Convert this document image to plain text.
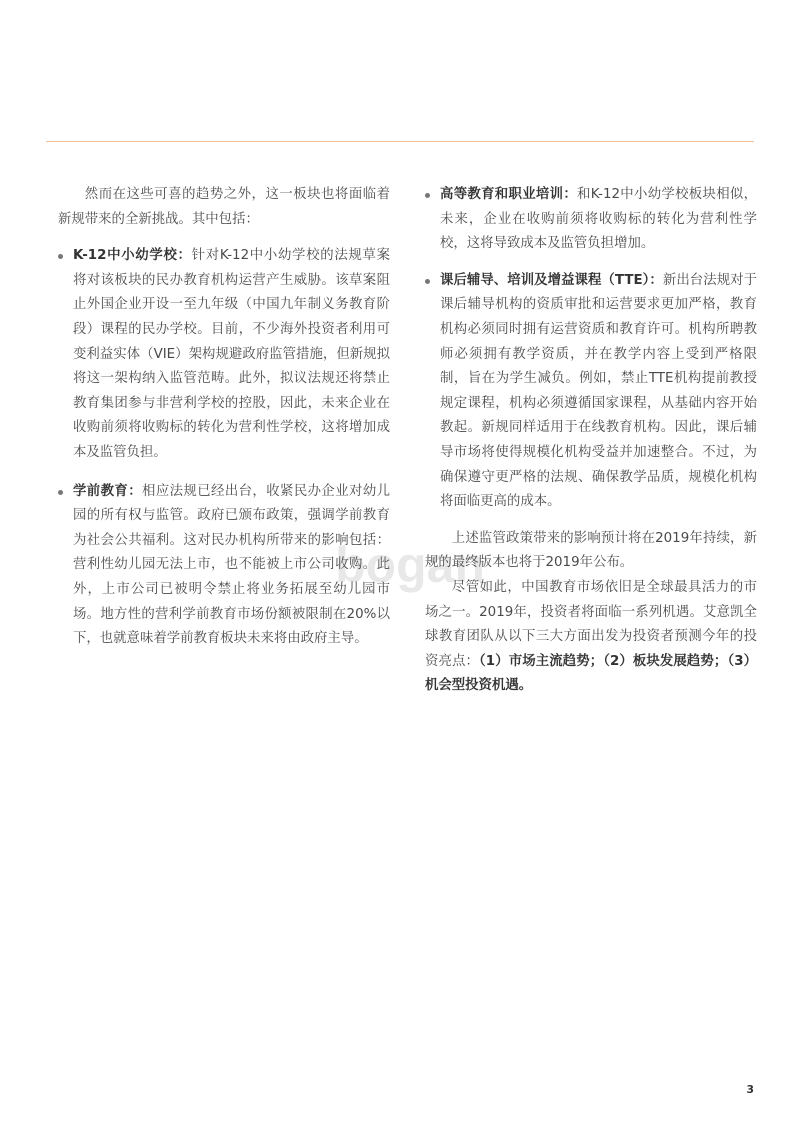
然而在这些可喜的趋势之外，这一板块也将面临着新规带来的全新挑战。其中包括：

K-12中小幼学校：针对K-12中小幼学校的法规草案将对该板块的民办教育机构运营产生威胁。该草案阻止外国企业开设一至九年级（中国九年制义务教育阶段）课程的民办学校。目前，不少海外投资者利用可变利益实体（VIE）架构规避政府监管措施，但新规拟将这一架构纳入监管范畴。此外，拟议法规还将禁止教育集团参与非营利学校的控股，因此，未来企业在收购前须将收购标的转化为营利性学校，这将增加成本及监管负担。
学前教育：相应法规已经出台，收紧民办企业对幼儿园的所有权与监管。政府已颁布政策，强调学前教育为社会公共福利。这对民办机构所带来的影响包括：营利性幼儿园无法上市，也不能被上市公司收购。此外，上市公司已被明令禁止将业务拓展至幼儿园市场。地方性的营利学前教育市场份额被限制在20%以下，也就意味着学前教育板块未来将由政府主导。
高等教育和职业培训：和K-12中小幼学校板块相似，未来，企业在收购前须将收购标的转化为营利性学校，这将导致成本及监管负担增加。
课后辅导、培训及增益课程（TTE）：新出台法规对于课后辅导机构的资质审批和运营要求更加严格，教育机构必须同时拥有运营资质和教育许可。机构所聘教师必须拥有教学资质，并在教学内容上受到严格限制，旨在为学生减负。例如，禁止TTE机构提前教授规定课程，机构必须遵循国家课程，从基础内容开始教起。新规同样适用于在线教育机构。因此，课后辅导市场将使得规模化机构受益并加速整合。不过，为确保遵守更严格的法规、确保教学品质，规模化机构将面临更高的成本。

上述监管政策带来的影响预计将在2019年持续，新规的最终版本也将于2019年公布。

尽管如此，中国教育市场依旧是全球最具活力的市场之一。2019年，投资者将面临一系列机遇。艾意凯全球教育团队从以下三大方面出发为投资者预测今年的投资亮点：（1）市场主流趋势；（2）板块发展趋势；（3）机会型投资机遇。

bogan
3
